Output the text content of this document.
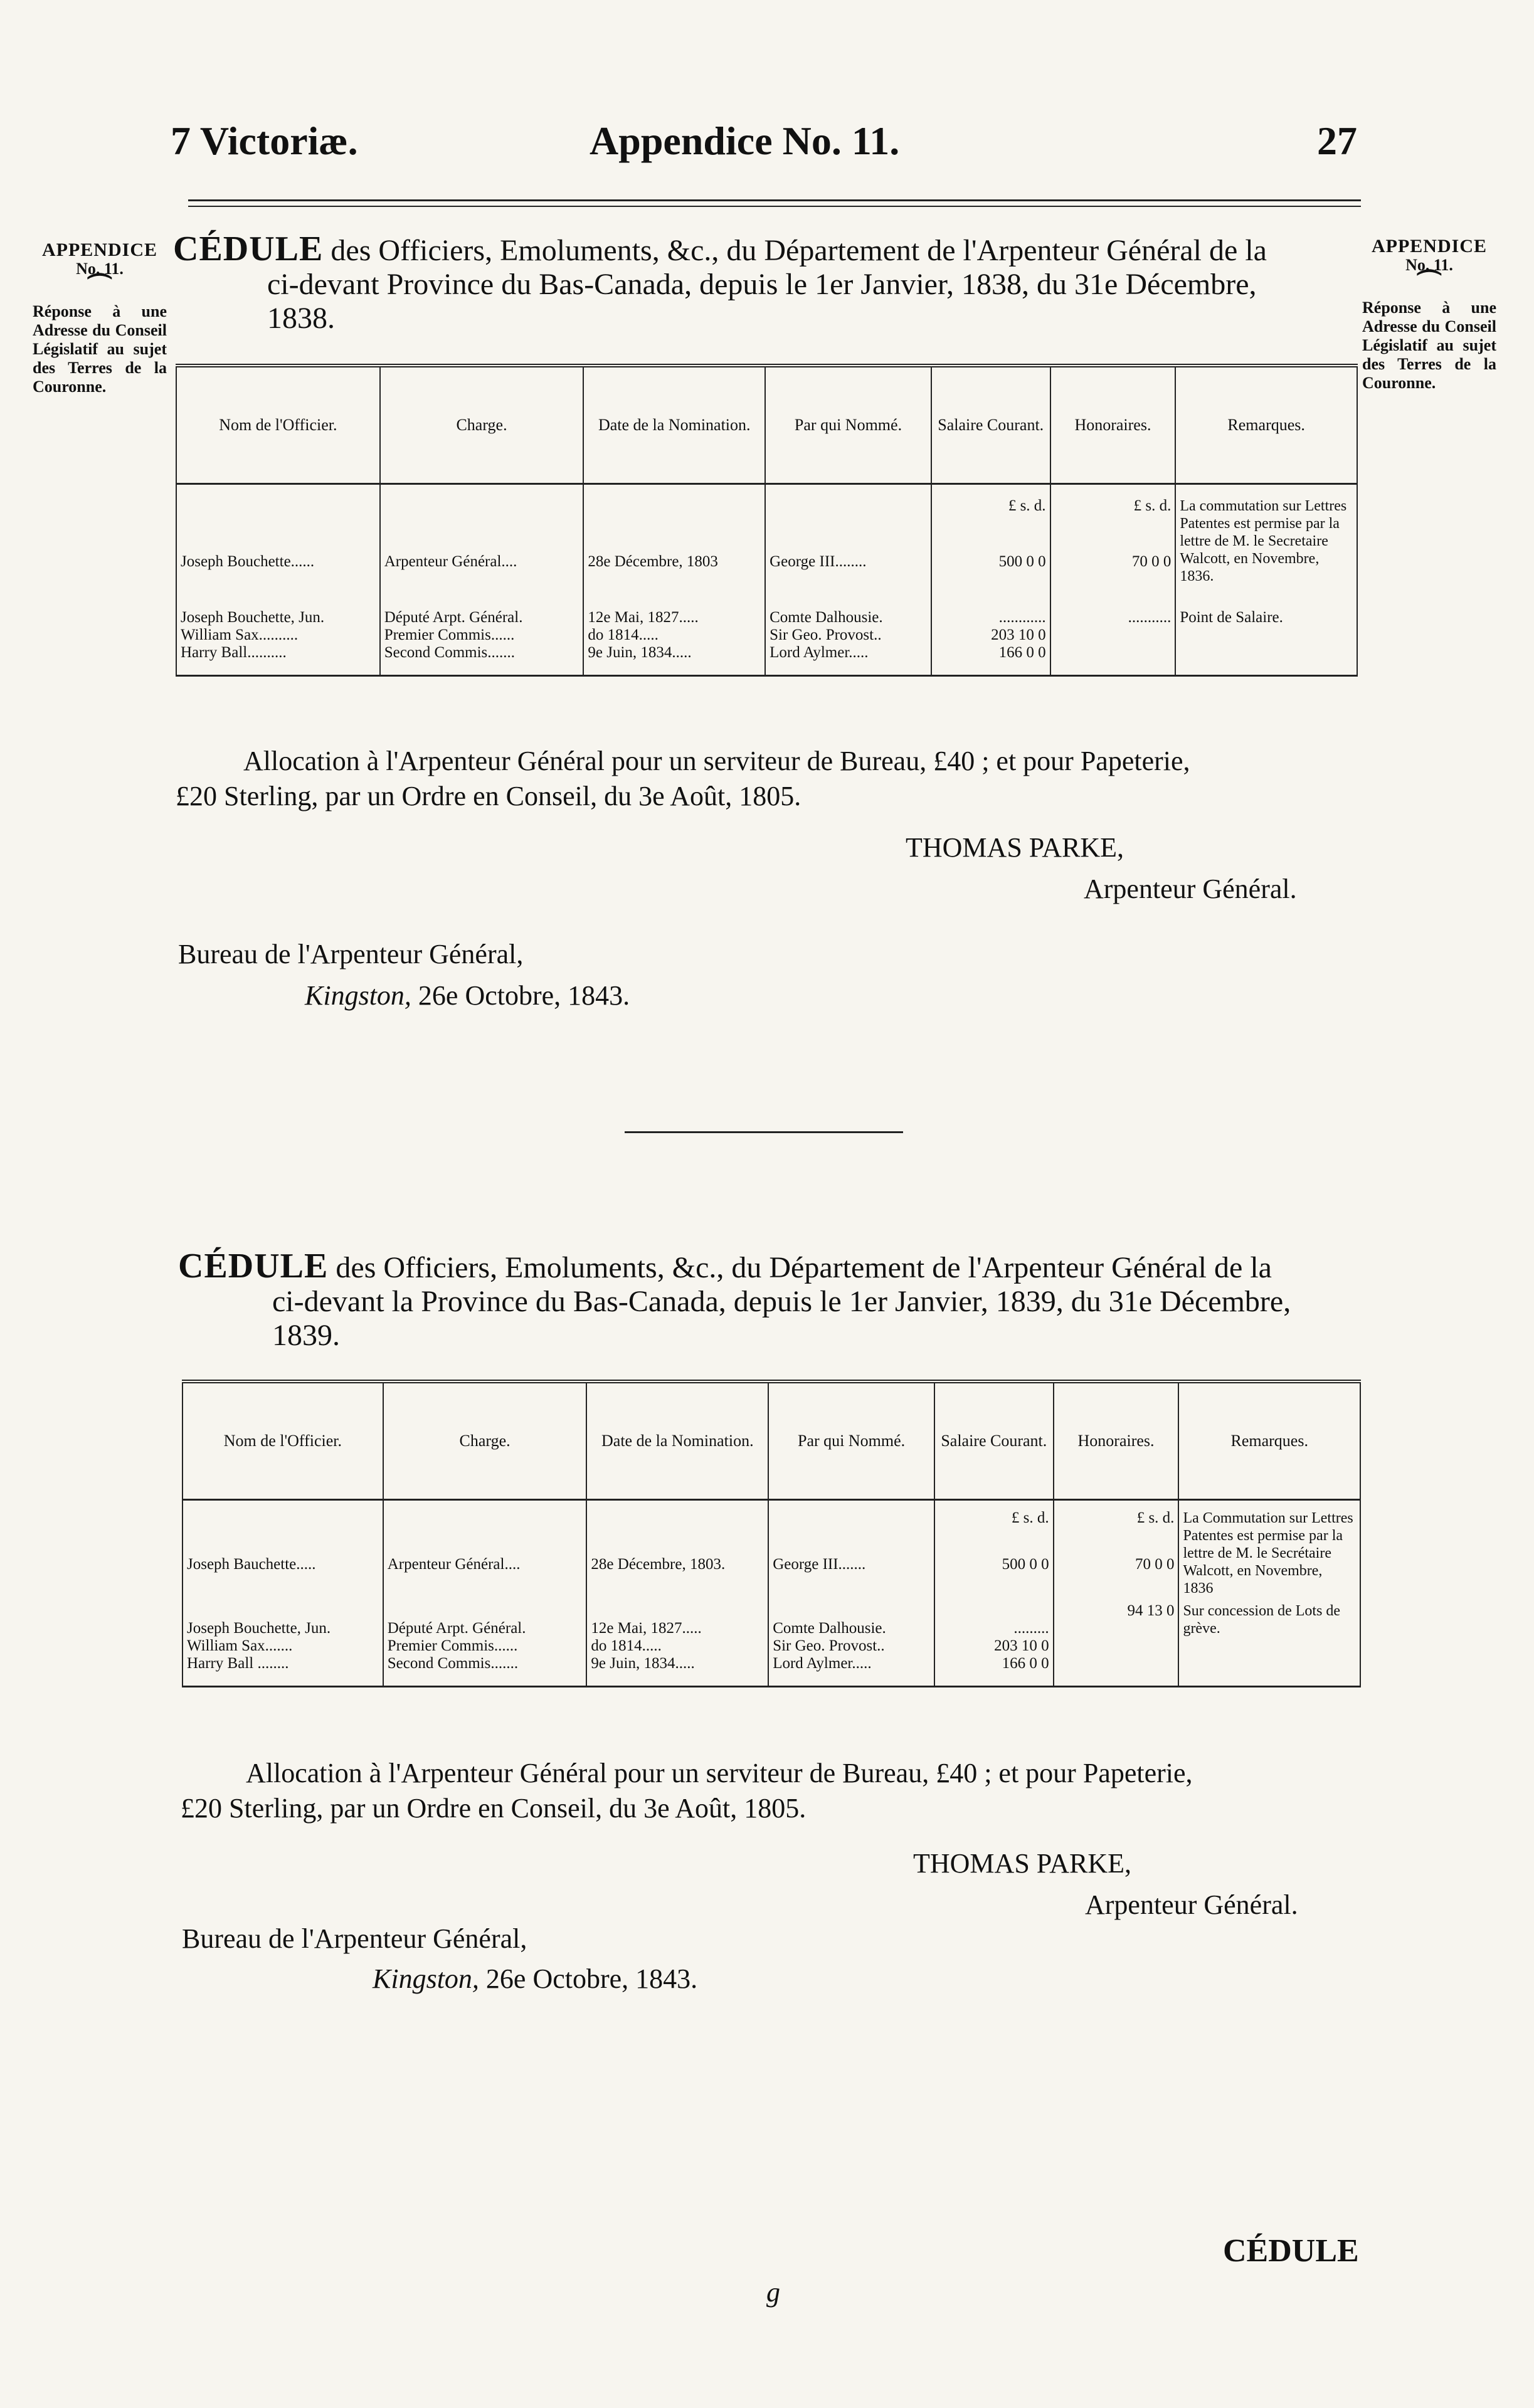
7 Victoriæ.	Appendice No. 11.	27
APPENDICE
No. 11.
⏜
Réponse à une Adresse du Conseil Législatif au sujet des Terres de la Couronne.
APPENDICE
No. 11.
⏜
Réponse à une Adresse du Conseil Législatif au sujet des Terres de la Couronne.
CÉDULE des Officiers, Emoluments, &c., du Département de l'Arpenteur Général de la
ci-devant Province du Bas-Canada, depuis le 1er Janvier, 1838, du 31e Décembre,
1838.
Nom de l'Officier.	Charge.	Date de la Nomination.	Par qui Nommé.	Salaire Courant.	Honoraires.	Remarques.
				£ s. d.	£ s. d.	La commutation sur Lettres Patentes est permise par la lettre de M. le Secretaire Walcott, en Novembre, 1836.
Joseph Bouchette......	Arpenteur Général....	28e Décembre, 1803	George III........	500 0 0	70 0 0	
Joseph Bouchette, Jun.	Député Arpt. Général.	12e Mai, 1827.....	Comte Dalhousie.	............	...........	Point de Salaire.
William Sax..........	Premier Commis......	do 1814.....	Sir Geo. Provost..	203 10 0		
Harry Ball..........	Second Commis.......	9e Juin, 1834.....	Lord Aylmer.....	166 0 0		
Allocation à l'Arpenteur Général pour un serviteur de Bureau, £40 ; et pour Papeterie,
£20 Sterling, par un Ordre en Conseil, du 3e Août, 1805.
THOMAS PARKE,
Arpenteur Général.
Bureau de l'Arpenteur Général,
Kingston, 26e Octobre, 1843.
CÉDULE des Officiers, Emoluments, &c., du Département de l'Arpenteur Général de la
ci-devant la Province du Bas-Canada, depuis le 1er Janvier, 1839, du 31e Décembre,
1839.
Nom de l'Officier.	Charge.	Date de la Nomination.	Par qui Nommé.	Salaire Courant.	Honoraires.	Remarques.
				£ s. d.	£ s. d.	La Commutation sur Lettres Patentes est permise par la lettre de M. le Secrétaire Walcott, en Novembre, 1836
Joseph Bauchette.....	Arpenteur Général....	28e Décembre, 1803.	George III.......	500 0 0	70 0 0	
					94 13 0	Sur concession de Lots de grève.
Joseph Bouchette, Jun.	Député Arpt. Général.	12e Mai, 1827.....	Comte Dalhousie.	.........		
William Sax.......	Premier Commis......	do 1814.....	Sir Geo. Provost..	203 10 0		
Harry Ball ........	Second Commis.......	9e Juin, 1834.....	Lord Aylmer.....	166 0 0		
Allocation à l'Arpenteur Général pour un serviteur de Bureau, £40 ; et pour Papeterie,
£20 Sterling, par un Ordre en Conseil, du 3e Août, 1805.
THOMAS PARKE,
Arpenteur Général.
Bureau de l'Arpenteur Général,
Kingston, 26e Octobre, 1843.
CÉDULE
g
